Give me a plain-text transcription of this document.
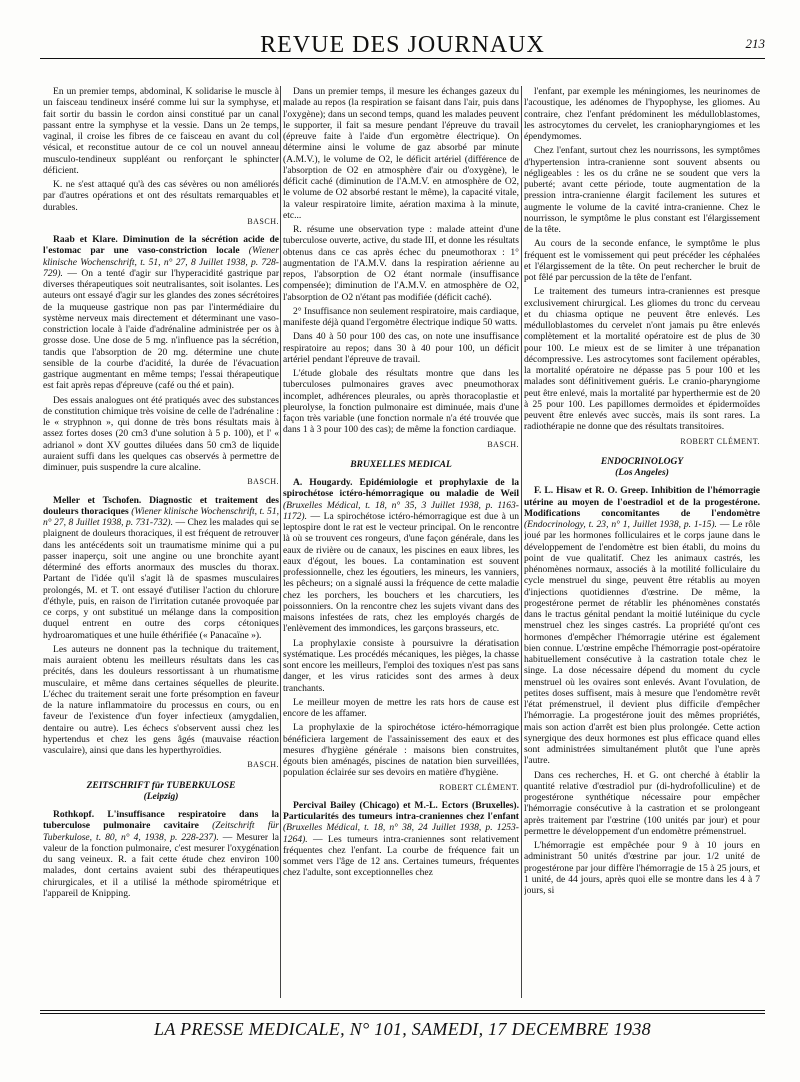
REVUE DES JOURNAUX	213

En un premier temps, abdominal, K solidarise le muscle à un faisceau tendineux inséré comme lui sur la symphyse, et fait sortir du bassin le cordon ainsi constitué par un canal passant entre la symphyse et la vessie. Dans un 2e temps, vaginal, il croise les fibres de ce faisceau en avant du col vésical, et reconstitue autour de ce col un nouvel anneau musculo-tendineux suppléant ou renforçant le sphincter déficient.

K. ne s'est attaqué qu'à des cas sévères ou non améliorés par d'autres opérations et ont des résultats remarquables et durables.

BASCH.

Raab et Klare. Diminution de la sécrétion acide de l'estomac par une vaso-constriction locale (Wiener klinische Wochenschrift, t. 51, n° 27, 8 Juillet 1938, p. 728-729). — On a tenté d'agir sur l'hyperacidité gastrique par diverses thérapeutiques soit neutralisantes, soit isolantes. Les auteurs ont essayé d'agir sur les glandes des zones sécrétoires de la muqueuse gastrique non pas par l'intermédiaire du système nerveux mais directement et déterminant une vaso-constriction locale à l'aide d'adrénaline administrée per os à grosse dose. Une dose de 5 mg. n'influence pas la sécrétion, tandis que l'absorption de 20 mg. détermine une chute sensible de la courbe d'acidité, la durée de l'évacuation gastrique augmentant en même temps; l'essai thérapeutique est fait après repas d'épreuve (café ou thé et pain).

Des essais analogues ont été pratiqués avec des substances de constitution chimique très voisine de celle de l'adrénaline : le « stryphnon », qui donne de très bons résultats mais à assez fortes doses (20 cm3 d'une solution à 5 p. 100), et l' « adrianol » dont XV gouttes diluées dans 50 cm3 de liquide auraient suffi dans les quelques cas observés à permettre de diminuer, puis suspendre la cure alcaline.

BASCH.

Meller et Tschofen. Diagnostic et traitement des douleurs thoraciques (Wiener klinische Wochenschrift, t. 51, n° 27, 8 Juillet 1938, p. 731-732). — Chez les malades qui se plaignent de douleurs thoraciques, il est fréquent de retrouver dans les antécédents soit un traumatisme minime qui a pu passer inaperçu, soit une angine ou une bronchite ayant déterminé des efforts anormaux des muscles du thorax. Partant de l'idée qu'il s'agit là de spasmes musculaires prolongés, M. et T. ont essayé d'utiliser l'action du chlorure d'éthyle, puis, en raison de l'irritation cutanée provoquée par ce corps, y ont substitué un mélange dans la composition duquel entrent en outre des corps cétoniques hydroaromatiques et une huile éthérifiée (« Panacaïne »).

Les auteurs ne donnent pas la technique du traitement, mais auraient obtenu les meilleurs résultats dans les cas précités, dans les douleurs ressortissant à un rhumatisme musculaire, et même dans certaines séquelles de pleurite. L'échec du traitement serait une forte présomption en faveur de la nature inflammatoire du processus en cours, ou en faveur de l'existence d'un foyer infectieux (amygdalien, dentaire ou autre). Les échecs s'observent aussi chez les hypertendus et chez les gens âgés (mauvaise réaction vasculaire), ainsi que dans les hyperthyroïdies.

BASCH.

ZEITSCHRIFT für TUBERKULOSE

(Leipzig)

Rothkopf. L'insuffisance respiratoire dans la tuberculose pulmonaire cavitaire (Zeitschrift für Tuberkulose, t. 80, n° 4, 1938, p. 228-237). — Mesurer la valeur de la fonction pulmonaire, c'est mesurer l'oxygénation du sang veineux. R. a fait cette étude chez environ 100 malades, dont certains avaient subi des thérapeutiques chirurgicales, et il a utilisé la méthode spirométrique et l'appareil de Knipping.

Dans un premier temps, il mesure les échanges gazeux du malade au repos (la respiration se faisant dans l'air, puis dans l'oxygène); dans un second temps, quand les malades peuvent le supporter, il fait sa mesure pendant l'épreuve du travail (épreuve faite à l'aide d'un ergomètre électrique). On détermine ainsi le volume de gaz absorbé par minute (A.M.V.), le volume de O2, le déficit artériel (différence de l'absorption de O2 en atmosphère d'air ou d'oxygène), le déficit caché (diminution de l'A.M.V. en atmosphère de O2, le volume de O2 absorbé restant le même), la capacité vitale, la valeur respiratoire limite, aération maxima à la minute, etc...

R. résume une observation type : malade atteint d'une tuberculose ouverte, active, du stade III, et donne les résultats obtenus dans ce cas après échec du pneumothorax : 1° augmentation de l'A.M.V. dans la respiration aérienne au repos, l'absorption de O2 étant normale (insuffisance compensée); diminution de l'A.M.V. en atmosphère de O2, l'absorption de O2 n'étant pas modifiée (déficit caché).

2° Insuffisance non seulement respiratoire, mais cardiaque, manifeste déjà quand l'ergomètre électrique indique 50 watts.

Dans 40 à 50 pour 100 des cas, on note une insuffisance respiratoire au repos; dans 30 à 40 pour 100, un déficit artériel pendant l'épreuve de travail.

L'étude globale des résultats montre que dans les tuberculoses pulmonaires graves avec pneumothorax incomplet, adhérences pleurales, ou après thoracoplastie et pleurolyse, la fonction pulmonaire est diminuée, mais d'une façon très variable (une fonction normale n'a été trouvée que dans 1 à 3 pour 100 des cas); de même la fonction cardiaque.

BASCH.

BRUXELLES MEDICAL

A. Hougardy. Epidémiologie et prophylaxie de la spirochétose ictéro-hémorragique ou maladie de Weil (Bruxelles Médical, t. 18, n° 35, 3 Juillet 1938, p. 1163-1172). — La spirochétose ictéro-hémorragique est due à un leptospire dont le rat est le vecteur principal. On le rencontre là où se trouvent ces rongeurs, d'une façon générale, dans les eaux de rivière ou de canaux, les piscines en eaux libres, les eaux d'égout, les boues. La contamination est souvent professionnelle, chez les égoutiers, les mineurs, les vanniers, les pêcheurs; on a signalé aussi la fréquence de cette maladie chez les porchers, les bouchers et les charcutiers, les poissonniers. On la rencontre chez les sujets vivant dans des maisons infestées de rats, chez les employés chargés de l'enlèvement des immondices, les garçons brasseurs, etc.

La prophylaxie consiste à poursuivre la dératisation systématique. Les procédés mécaniques, les pièges, la chasse sont encore les meilleurs, l'emploi des toxiques n'est pas sans danger, et les virus raticides sont des armes à deux tranchants.

Le meilleur moyen de mettre les rats hors de cause est encore de les affamer.

La prophylaxie de la spirochétose ictéro-hémorragique bénéficiera largement de l'assainissement des eaux et des mesures d'hygiène générale : maisons bien construites, égouts bien aménagés, piscines de natation bien surveillées, population éclairée sur ses devoirs en matière d'hygiène.

ROBERT CLÉMENT.

Percival Bailey (Chicago) et M.-L. Ectors (Bruxelles). Particularités des tumeurs intra-craniennes chez l'enfant (Bruxelles Médical, t. 18, n° 38, 24 Juillet 1938, p. 1253-1264). — Les tumeurs intra-craniennes sont relativement fréquentes chez l'enfant. La courbe de fréquence fait un sommet vers l'âge de 12 ans. Certaines tumeurs, fréquentes chez l'adulte, sont exceptionnelles chez

l'enfant, par exemple les méningiomes, les neurinomes de l'acoustique, les adénomes de l'hypophyse, les gliomes. Au contraire, chez l'enfant prédominent les médulloblastomes, les astrocytomes du cervelet, les craniopharyngiomes et les épendymomes.

Chez l'enfant, surtout chez les nourrissons, les symptômes d'hypertension intra-cranienne sont souvent absents ou négligeables : les os du crâne ne se soudent que vers la puberté; avant cette période, toute augmentation de la pression intra-cranienne élargit facilement les sutures et augmente le volume de la cavité intra-cranienne. Chez le nourrisson, le symptôme le plus constant est l'élargissement de la tête.

Au cours de la seconde enfance, le symptôme le plus fréquent est le vomissement qui peut précéder les céphalées et l'élargissement de la tête. On peut rechercher le bruit de pot fêlé par percussion de la tête de l'enfant.

Le traitement des tumeurs intra-craniennes est presque exclusivement chirurgical. Les gliomes du tronc du cerveau et du chiasma optique ne peuvent être enlevés. Les médulloblastomes du cervelet n'ont jamais pu être enlevés complètement et la mortalité opératoire est de plus de 30 pour 100. Le mieux est de se limiter à une trépanation décompressive. Les astrocytomes sont facilement opérables, la mortalité opératoire ne dépasse pas 5 pour 100 et les malades sont définitivement guéris. Le cranio-pharyngiome peut être enlevé, mais la mortalité par hyperthermie est de 20 à 25 pour 100. Les papillomes dermoïdes et épidermoïdes peuvent être enlevés avec succès, mais ils sont rares. La radiothérapie ne donne que des résultats transitoires.

ROBERT CLÉMENT.

ENDOCRINOLOGY

(Los Angeles)

F. L. Hisaw et R. O. Greep. Inhibition de l'hémorragie utérine au moyen de l'oestradiol et de la progestérone. Modifications concomitantes de l'endomètre (Endocrinology, t. 23, n° 1, Juillet 1938, p. 1-15). — Le rôle joué par les hormones folliculaires et le corps jaune dans le développement de l'endomètre est bien établi, du moins du point de vue qualitatif. Chez les animaux castrés, les phénomènes normaux, associés à la motilité folliculaire du cycle menstruel du singe, peuvent être rétablis au moyen d'injections quotidiennes d'œstrine. De même, la progestérone permet de rétablir les phénomènes constatés dans le tractus génital pendant la moitié lutéinique du cycle menstruel chez les singes castrés. La propriété qu'ont ces hormones d'empêcher l'hémorragie utérine est également bien connue. L'œstrine empêche l'hémorragie post-opératoire habituellement consécutive à la castration totale chez le singe. La dose nécessaire dépend du moment du cycle menstruel où les ovaires sont enlevés. Avant l'ovulation, de petites doses suffisent, mais à mesure que l'endomètre revêt l'état prémenstruel, il devient plus difficile d'empêcher l'hémorragie. La progestérone jouit des mêmes propriétés, mais son action d'arrêt est bien plus prolongée. Cette action synergique des deux hormones est plus efficace quand elles sont administrées simultanément plutôt que l'une après l'autre.

Dans ces recherches, H. et G. ont cherché à établir la quantité relative d'œstradiol pur (di-hydrofolliculine) et de progestérone synthétique nécessaire pour empêcher l'hémorragie consécutive à la castration et se prolongeant après traitement par l'œstrine (100 unités par jour) et pour permettre le développement d'un endomètre prémenstruel.

L'hémorragie est empêchée pour 9 à 10 jours en administrant 50 unités d'œstrine par jour. 1/2 unité de progestérone par jour diffère l'hémorragie de 15 à 25 jours, et 1 unité, de 44 jours, après quoi elle se montre dans les 4 à 7 jours, si

LA PRESSE MEDICALE, N° 101, SAMEDI, 17 DECEMBRE 1938
